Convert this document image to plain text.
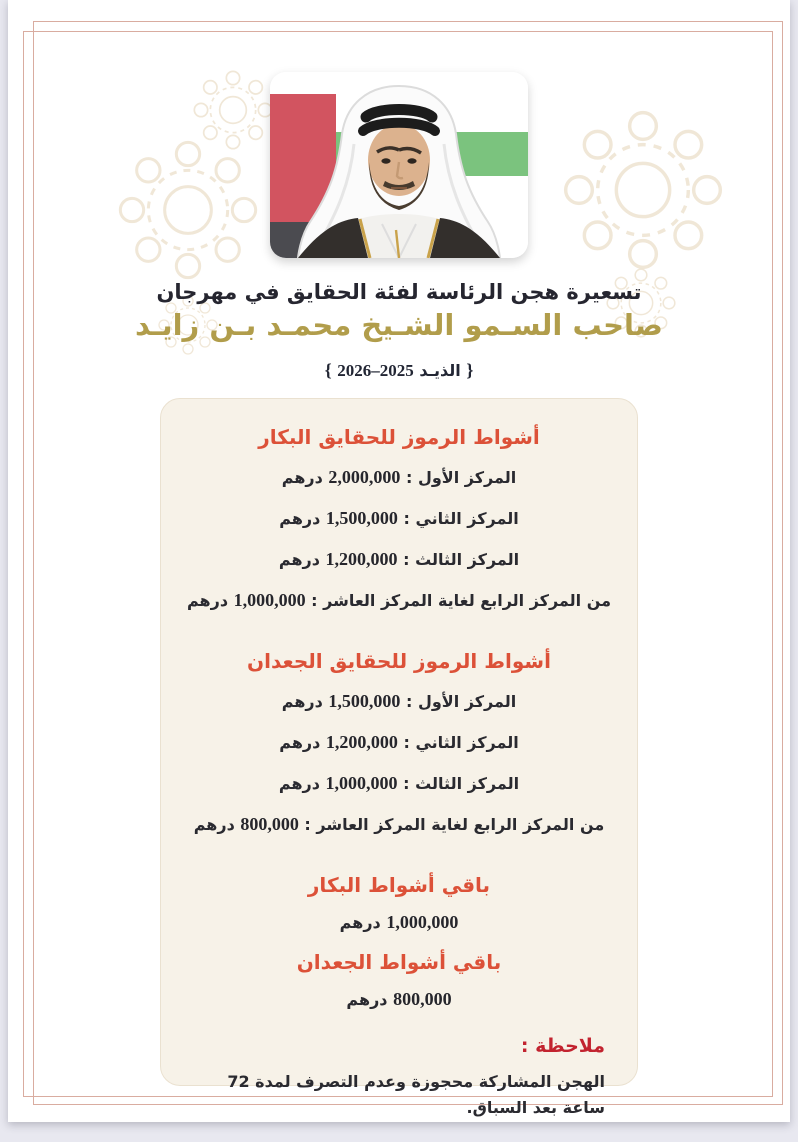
تسعيرة هجن الرئاسة لفئة الحقايق في مهرجان
صاحب السـمو الشـيخ محمـد بـن زايـد
{ الذيـد 2025–2026 }
أشواط الرموز للحقايق البكار
المركز الأول : 2,000,000 درهم
المركز الثاني : 1,500,000 درهم
المركز الثالث : 1,200,000 درهم
من المركز الرابع لغاية المركز العاشر : 1,000,000 درهم
أشواط الرموز للحقايق الجعدان
المركز الأول : 1,500,000 درهم
المركز الثاني : 1,200,000 درهم
المركز الثالث : 1,000,000 درهم
من المركز الرابع لغاية المركز العاشر : 800,000 درهم
باقي أشواط البكار
1,000,000 درهم
باقي أشواط الجعدان
800,000 درهم
ملاحظة :
الهجن المشاركة محجوزة وعدم التصرف لمدة 72 ساعة بعد السباق.
